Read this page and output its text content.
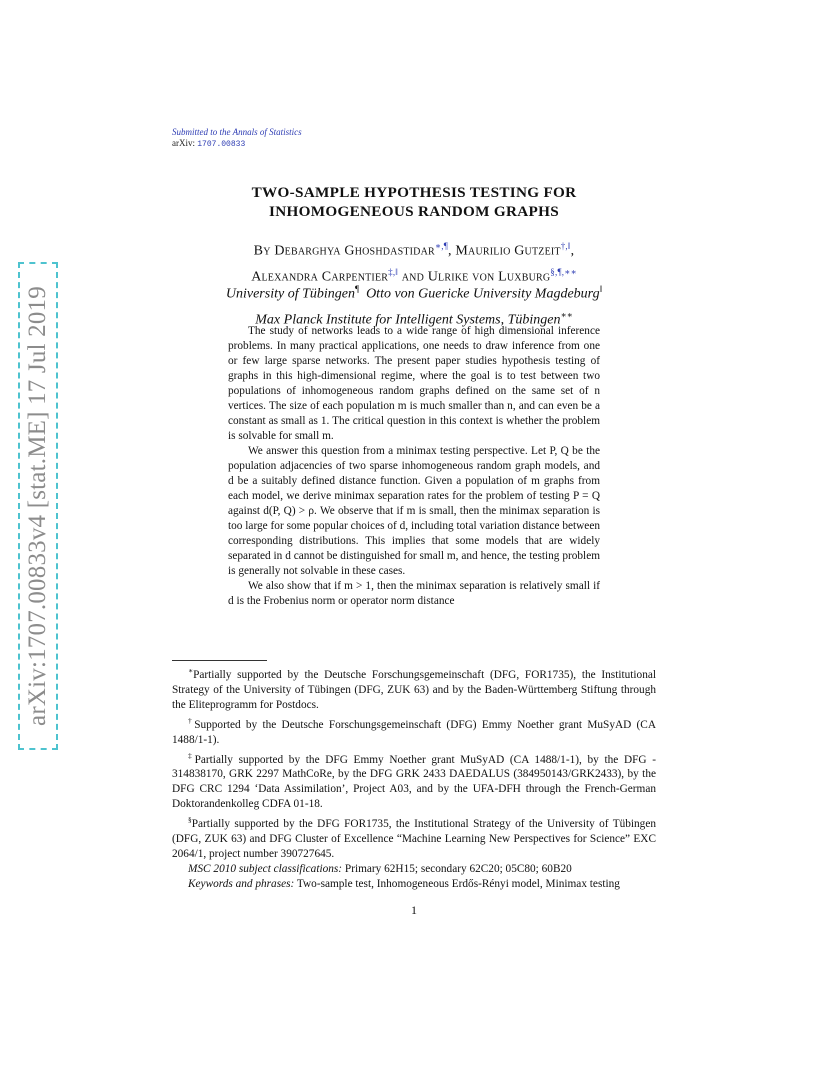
arXiv:1707.00833v4 [stat.ME] 17 Jul 2019
Submitted to the Annals of Statistics
arXiv: 1707.00833
TWO-SAMPLE HYPOTHESIS TESTING FOR
INHOMOGENEOUS RANDOM GRAPHS
By Debarghya Ghoshdastidar∗,¶, Maurilio Gutzeit†,‖,
Alexandra Carpentier‡,‖ and Ulrike von Luxburg§,¶,∗∗
University of Tübingen¶ Otto von Guericke University Magdeburg‖
Max Planck Institute for Intelligent Systems, Tübingen∗∗

The study of networks leads to a wide range of high dimensional inference problems. In many practical applications, one needs to draw inference from one or few large sparse networks. The present paper studies hypothesis testing of graphs in this high-dimensional regime, where the goal is to test between two populations of inhomogeneous random graphs defined on the same set of n vertices. The size of each population m is much smaller than n, and can even be a constant as small as 1. The critical question in this context is whether the problem is solvable for small m.

We answer this question from a minimax testing perspective. Let P, Q be the population adjacencies of two sparse inhomogeneous random graph models, and d be a suitably defined distance function. Given a population of m graphs from each model, we derive minimax separation rates for the problem of testing P = Q against d(P, Q) > ρ. We observe that if m is small, then the minimax separation is too large for some popular choices of d, including total variation distance between corresponding distributions. This implies that some models that are widely separated in d cannot be distinguished for small m, and hence, the testing problem is generally not solvable in these cases.

We also show that if m > 1, then the minimax separation is relatively small if d is the Frobenius norm or operator norm distance

∗Partially supported by the Deutsche Forschungsgemeinschaft (DFG, FOR1735), the Institutional Strategy of the University of Tübingen (DFG, ZUK 63) and by the Baden-Württemberg Stiftung through the Eliteprogramm for Postdocs.

†Supported by the Deutsche Forschungsgemeinschaft (DFG) Emmy Noether grant MuSyAD (CA 1488/1-1).

‡Partially supported by the DFG Emmy Noether grant MuSyAD (CA 1488/1-1), by the DFG - 314838170, GRK 2297 MathCoRe, by the DFG GRK 2433 DAEDALUS (384950143/GRK2433), by the DFG CRC 1294 ‘Data Assimilation’, Project A03, and by the UFA-DFH through the French-German Doktorandenkolleg CDFA 01-18.

§Partially supported by the DFG FOR1735, the Institutional Strategy of the University of Tübingen (DFG, ZUK 63) and DFG Cluster of Excellence “Machine Learning New Perspectives for Science” EXC 2064/1, project number 390727645.

MSC 2010 subject classifications: Primary 62H15; secondary 62C20; 05C80; 60B20

Keywords and phrases: Two-sample test, Inhomogeneous Erdős-Rényi model, Minimax testing

1
